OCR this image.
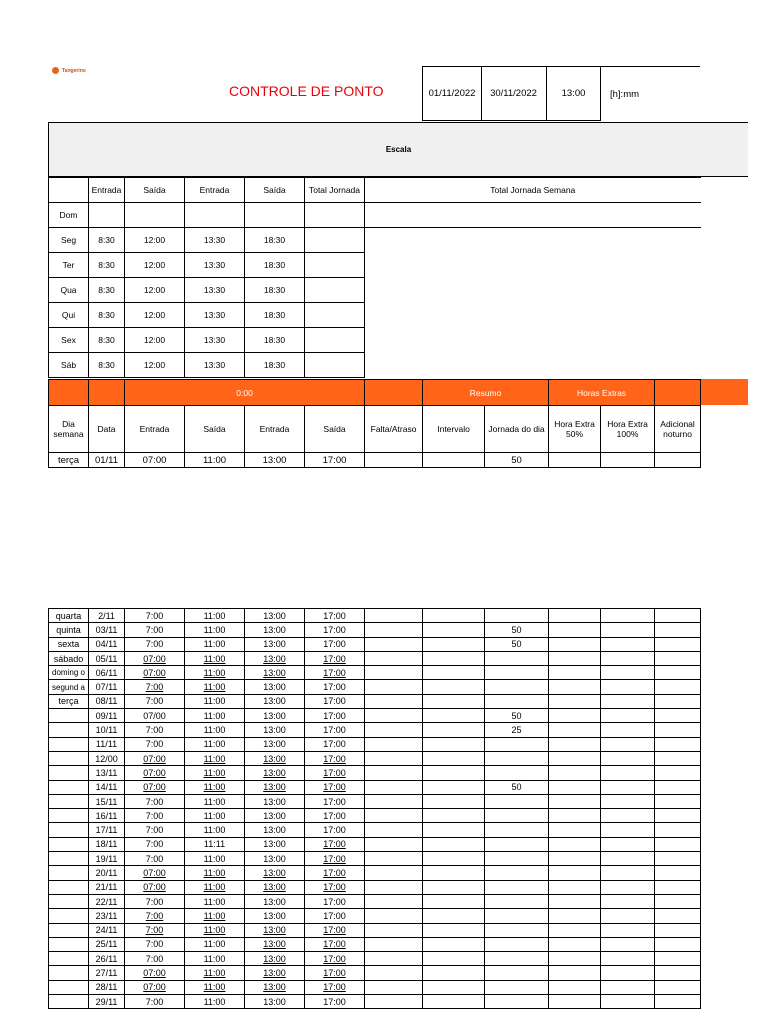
Tangerino
CONTROLE DE PONTO	01/11/2022 30/11/2022	13:00	[h]:mm
Escala
	Entrada	Saída	Entrada	Saída	Total Jornada	Total Jornada Semana
Dom						
Seg	8:30	12:00	13:30	18:30		
Ter	8:30	12:00	13:30	18:30		
Qua	8:30	12:00	13:30	18:30		
Qui	8:30	12:00	13:30	18:30		
Sex	8:30	12:00	13:30	18:30		
Sáb	8:30	12:00	13:30	18:30		
		0:00					Resumo		Horas Extras		
Dia semana	Data	Entrada	Saída	Entrada	Saída	Falta/Atraso	Intervalo	Jornada do dia	Hora Extra 50%	Hora Extra 100%	Adicional noturno
terça	01/11	07:00	11:00	13:00	17:00			50			
quarta	2/11	7:00	11:00	13:00	17:00						
quinta	03/11	7:00	11:00	13:00	17:00			50			
sexta	04/11	7:00	11:00	13:00	17:00			50			
sábado	05/11	07:00	11:00	13:00	17:00						
doming o	06/11	07:00	11:00	13:00	17:00						
segund a	07/11	7:00	11:00	13:00	17:00						
terça	08/11	7:00	11:00	13:00	17:00						
	09/11	07/00	11:00	13:00	17:00			50			
	10/11	7:00	11:00	13:00	17:00			25			
	11/11	7:00	11:00	13:00	17:00						
	12/00	07:00	11:00	13:00	17:00						
	13/11	07:00	11:00	13:00	17:00						
	14/11	07:00	11:00	13:00	17:00			50			
	15/11	7:00	11:00	13:00	17:00						
	16/11	7:00	11:00	13:00	17:00						
	17/11	7:00	11:00	13:00	17:00						
	18/11	7:00	11:11	13:00	17:00						
	19/11	7:00	11:00	13:00	17:00						
	20/11	07:00	11:00	13:00	17:00						
	21/11	07:00	11:00	13:00	17:00						
	22/11	7:00	11:00	13:00	17:00						
	23/11	7:00	11:00	13:00	17:00						
	24/11	7:00	11:00	13:00	17:00						
	25/11	7:00	11:00	13:00	17:00						
	26/11	7:00	11:00	13:00	17:00						
	27/11	07:00	11:00	13:00	17:00						
	28/11	07:00	11:00	13:00	17:00						
	29/11	7:00	11:00	13:00	17:00						
